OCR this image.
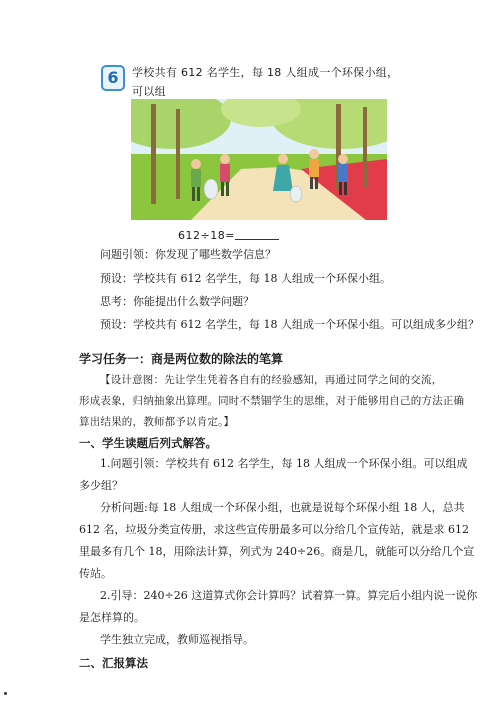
6	学校共有 612 名学生，每 18 人组成一个环保小组，可以组
612÷18=
问题引领：你发现了哪些数学信息？
预设：学校共有 612 名学生，每 18 人组成一个环保小组。
思考：你能提出什么数学问题？
预设：学校共有 612 名学生，每 18 人组成一个环保小组。可以组成多少组？
学习任务一：商是两位数的除法的笔算
【设计意图：先让学生凭着各自有的经验感知，再通过同学之间的交流，
形成表象，归纳抽象出算理。同时不禁锢学生的思维，对于能够用自己的方法正确
算出结果的，教师都予以肯定。】
一、学生读题后列式解答。
1.问题引领：学校共有 612 名学生，每 18 人组成一个环保小组。可以组成
多少组？
分析问题:每 18 人组成一个环保小组，也就是说每个环保小组 18 人，总共
612 名，垃圾分类宣传册，求这些宣传册最多可以分给几个宣传站，就是求 612
里最多有几个 18，用除法计算，列式为 240÷26。商是几，就能可以分给几个宣
传站。
2.引导：240÷26 这道算式你会计算吗？试着算一算。算完后小组内说一说你
是怎样算的。
学生独立完成，教师巡视指导。
二、汇报算法
